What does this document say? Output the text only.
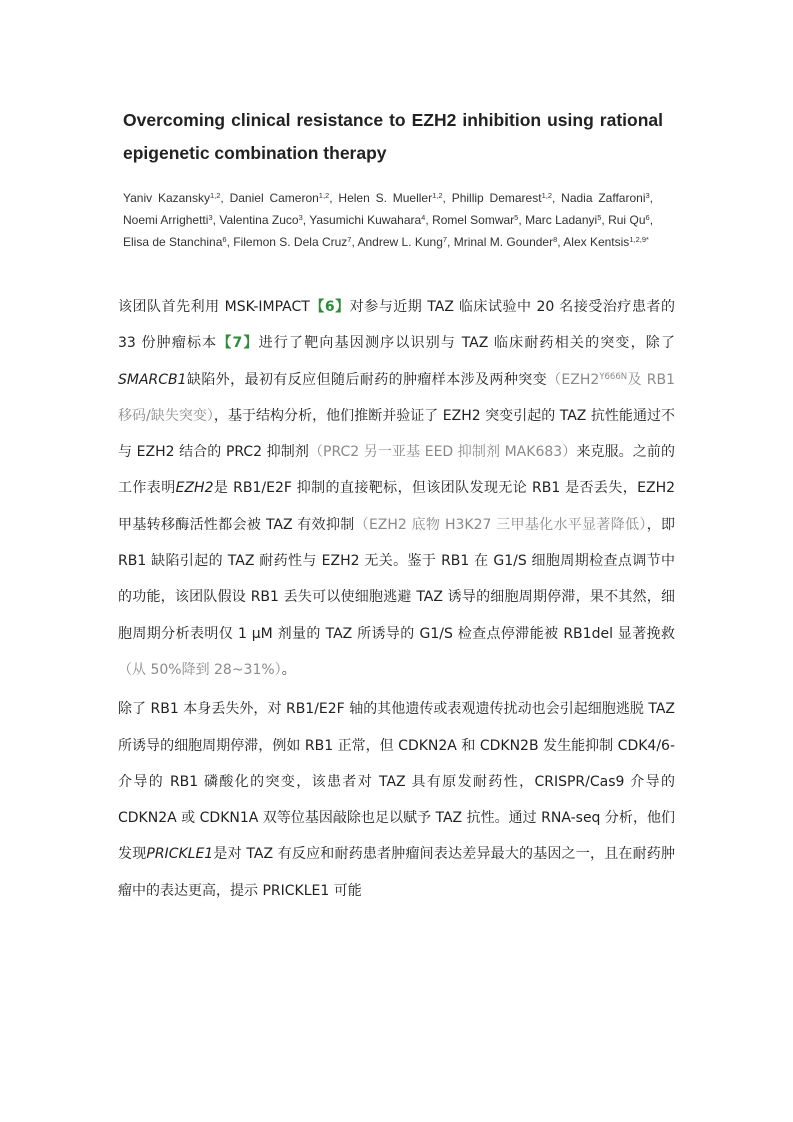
Overcoming clinical resistance to EZH2 inhibition using rational epigenetic combination therapy
Yaniv Kazansky$^{1,2}$, Daniel Cameron$^{1,2}$, Helen S. Mueller$^{1,2}$, Phillip Demarest$^{1,2}$, Nadia Zaffaroni$^3$, Noemi Arrighetti$^3$, Valentina Zuco$^3$, Yasumichi Kuwahara$^4$, Romel Somwar$^5$, Marc Ladanyi$^5$, Rui Qu$^6$, Elisa de Stanchina$^6$, Filemon S. Dela Cruz$^7$, Andrew L. Kung$^7$, Mrinal M. Gounder$^8$, Alex Kentsis$^{1,2,9*}$

该团队首先利用 MSK-IMPACT【6】对参与近期 TAZ 临床试验中 20 名接受治疗患者的 33 份肿瘤标本【7】进行了靶向基因测序以识别与 TAZ 临床耐药相关的突变，除了SMARCB1缺陷外，最初有反应但随后耐药的肿瘤样本涉及两种突变（$EZH2^{Y666N}$及 RB1 移码/缺失突变），基于结构分析，他们推断并验证了 EZH2 突变引起的 TAZ 抗性能通过不与 EZH2 结合的 PRC2 抑制剂（PRC2 另一亚基 EED 抑制剂 MAK683）来克服。之前的工作表明EZH2是 RB1/E2F 抑制的直接靶标，但该团队发现无论 RB1 是否丢失，EZH2 甲基转移酶活性都会被 TAZ 有效抑制（EZH2 底物 H3K27 三甲基化水平显著降低），即 RB1 缺陷引起的 TAZ 耐药性与 EZH2 无关。鉴于 RB1 在 G1/S 细胞周期检查点调节中的功能，该团队假设 RB1 丢失可以使细胞逃避 TAZ 诱导的细胞周期停滞，果不其然，细胞周期分析表明仅 1 μM 剂量的 TAZ 所诱导的 G1/S 检查点停滞能被 RB1del 显著挽救（从 50%降到 28~31%）。

除了 RB1 本身丢失外，对 RB1/E2F 轴的其他遗传或表观遗传扰动也会引起细胞逃脱 TAZ 所诱导的细胞周期停滞，例如 RB1 正常，但 CDKN2A 和 CDKN2B 发生能抑制 CDK4/6-介导的 RB1 磷酸化的突变，该患者对 TAZ 具有原发耐药性，CRISPR/Cas9 介导的 CDKN2A 或 CDKN1A 双等位基因敲除也足以赋予 TAZ 抗性。通过 RNA-seq 分析，他们发现PRICKLE1是对 TAZ 有反应和耐药患者肿瘤间表达差异最大的基因之一，且在耐药肿瘤中的表达更高，提示 PRICKLE1 可能
